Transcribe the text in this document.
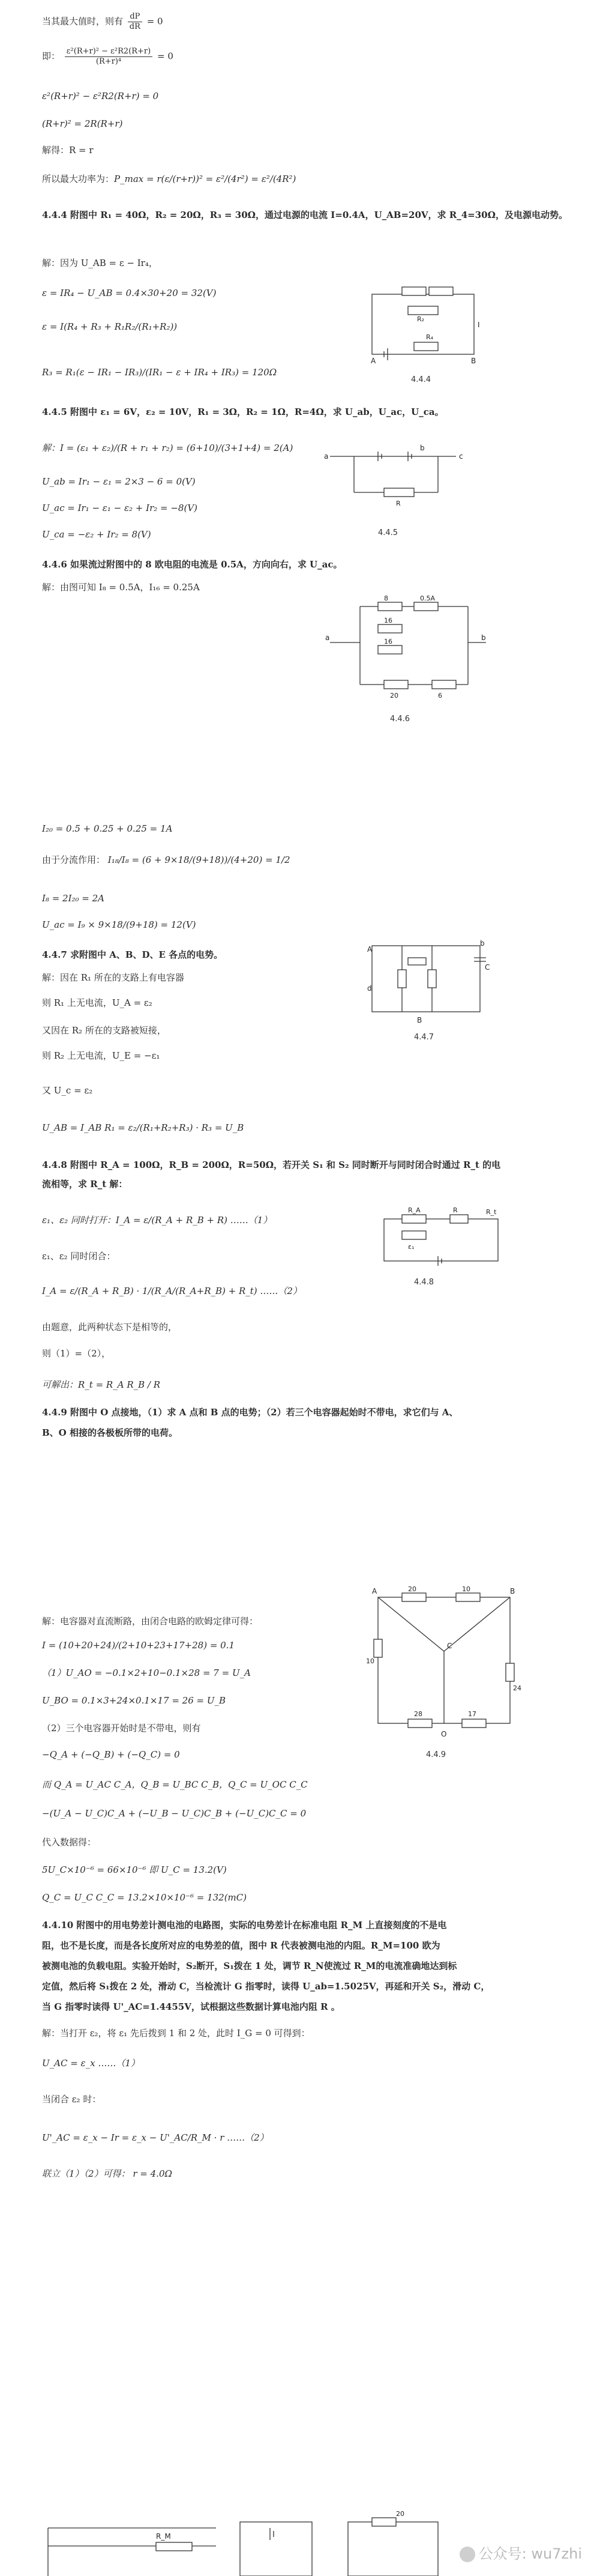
当其最大值时，则有 $\frac{dP}{dR} = 0$
即： $\frac{\text{ε²(R+r)² − ε²R2(R+r)}}{\text{(R+r)⁴}} = 0$
ε²(R+r)² − ε²R2(R+r) = 0
(R+r)² = 2R(R+r)
解得：R = r
所以最大功率为：P_max = r(ε/(r+r))² = ε²/(4r²) = ε²/(4R²)
4.4.4 附图中 R₁ = 40Ω，R₂ = 20Ω，R₃ = 30Ω，通过电源的电流 I=0.4A，U_AB=20V，求 R_4=30Ω，及电源电动势。
解：因为 U_AB = ε − Ir₄，
ε = IR₄ − U_AB = 0.4×30+20 = 32(V)
ε = I(R₄ + R₃ + R₁R₂/(R₁+R₂))
R₃ = R₁(ε − IR₁ − IR₃)/(IR₁ − ε + IR₄ + IR₃) = 120Ω
A	B
R₂
R₄
I
4.4.4
4.4.5 附图中 ε₁ = 6V，ε₂ = 10V，R₁ = 3Ω，R₂ = 1Ω，R=4Ω，求 U_ab，U_ac，U_ca。
解：I = (ε₁ + ε₂)/(R + r₁ + r₂) = (6+10)/(3+1+4) = 2(A)
U_ab = Ir₁ − ε₁ = 2×3 − 6 = 0(V)
U_ac = Ir₁ − ε₁ − ε₂ + Ir₂ = −8(V)
U_ca = −ε₂ + Ir₂ = 8(V)
a
b
c
R
4.4.5
4.4.6 如果流过附图中的 8 欧电阻的电流是 0.5A，方向向右，求 U_ac。
解：由图可知 I₈ = 0.5A，I₁₆ = 0.25A
8	0.5A
16
16
20	6
a	b
4.4.6
I₂₀ = 0.5 + 0.25 + 0.25 = 1A
由于分流作用： I₁₈/I₈ = (6 + 9×18/(9+18))/(4+20) = 1/2
I₈ = 2I₂₀ = 2A
U_ac = I₉ × 9×18/(9+18) = 12(V)
4.4.7 求附图中 A、B、D、E 各点的电势。
解：因在 R₁ 所在的支路上有电容器
则 R₁ 上无电流，U_A = ε₂
又因在 R₂ 所在的支路被短接，
则 R₂ 上无电流，U_E = −ε₁
又 U_c = ε₂
U_AB = I_AB R₁ = ε₂/(R₁+R₂+R₃) · R₃ = U_B
A
d
b
C
B
4.4.7
4.4.8 附图中 R_A = 100Ω，R_B = 200Ω，R=50Ω，若开关 S₁ 和 S₂ 同时断开与同时闭合时通过 R_t 的电
流相等，求 R_t 解：
ε₁、ε₂ 同时打开：I_A = ε/(R_A + R_B + R) ……（1）
ε₁、ε₂ 同时闭合：
I_A = ε/(R_A + R_B) · 1/(R_A/(R_A+R_B) + R_t) ……（2）
由题意，此两种状态下是相等的，
则（1）=（2），
可解出：R_t = R_A R_B / R
R_A	R
ε₁
R_t
4.4.8
4.4.9 附图中 O 点接地，（1）求 A 点和 B 点的电势；（2）若三个电容器起始时不带电，求它们与 A、
B、O 相接的各极板所带的电荷。
解：电容器对直流断路，由闭合电路的欧姆定律可得：
I = (10+20+24)/(2+10+23+17+28) = 0.1
（1）U_AO = −0.1×2+10−0.1×28 = 7 = U_A
U_BO = 0.1×3+24×0.1×17 = 26 = U_B
（2）三个电容器开始时是不带电，则有
−Q_A + (−Q_B) + (−Q_C) = 0
而 Q_A = U_AC C_A，Q_B = U_BC C_B，Q_C = U_OC C_C
−(U_A − U_C)C_A + (−U_B − U_C)C_B + (−U_C)C_C = 0
代入数据得：
5U_C×10⁻⁶ = 66×10⁻⁶ 即 U_C = 13.2(V)
Q_C = U_C C_C = 13.2×10×10⁻⁶ = 132(mC)
A	B
O
C
20	10
10
24
28	17
4.4.9
4.4.10 附图中的用电势差计测电池的电路图，实际的电势差计在标准电阻 R_M 上直接刻度的不是电
阻，也不是长度，而是各长度所对应的电势差的值，图中 R 代表被测电池的内阻。R_M=100 欧为
被测电池的负载电阻。实验开始时，S₂断开，S₁拨在 1 处，调节 R_N使流过 R_M的电流准确地达到标
定值，然后将 S₁拨在 2 处，滑动 C，当检流计 G 指零时，读得 U_ab=1.5025V，再延和开关 S₂，滑动 C，
当 G 指零时读得 U'_AC=1.4455V，试根据这些数据计算电池内阻 R 。
解：当打开 ε₂，将 ε₁ 先后拨到 1 和 2 处，此时 I_G = 0 可得到：
U_AC = ε_x ……（1）
当闭合 ε₂ 时：
U'_AC = ε_x − Ir = ε_x − U'_AC/R_M · r ……（2）
联立（1）（2）可得： r = 4.0Ω
R_M
20
公众号: wu7zhi
